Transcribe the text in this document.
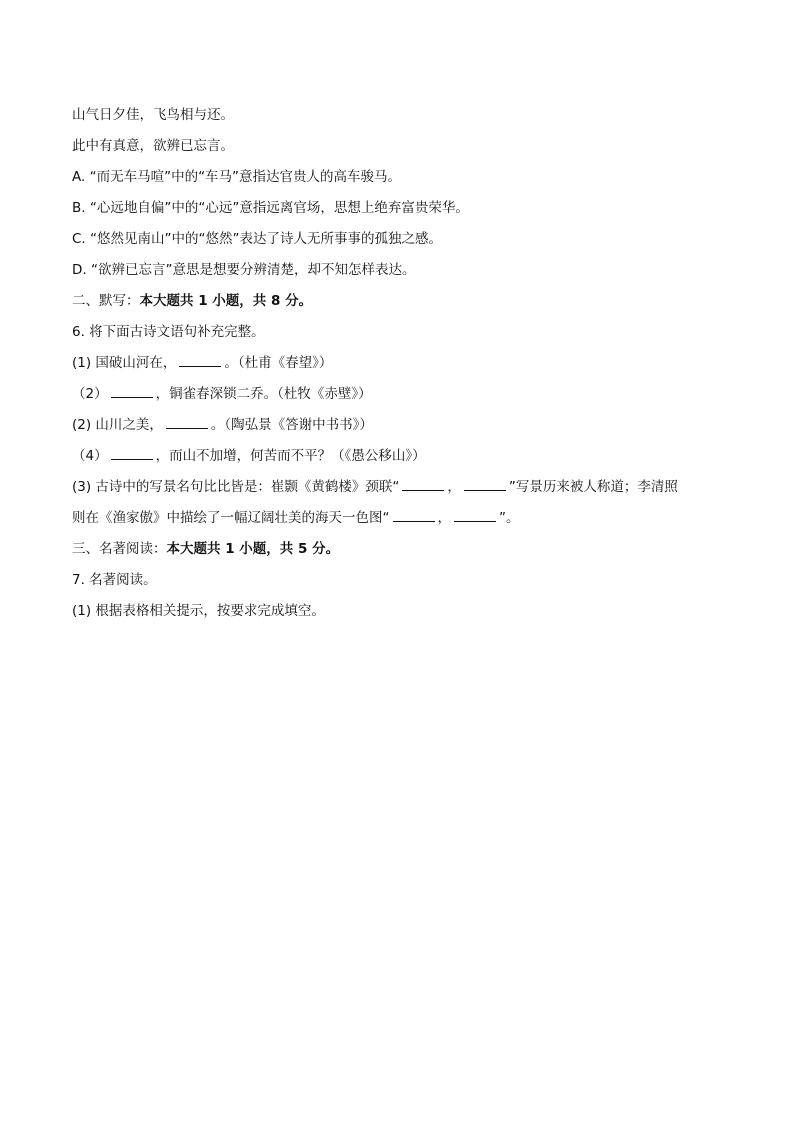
山气日夕佳，飞鸟相与还。
此中有真意，欲辨已忘言。
A. “而无车马喧”中的“车马”意指达官贵人的高车骏马。
B. “心远地自偏”中的“心远”意指远离官场，思想上绝弃富贵荣华。
C. “悠然见南山”中的“悠然”表达了诗人无所事事的孤独之感。
D. “欲辨已忘言”意思是想要分辨清楚，却不知怎样表达。
二、默写：本大题共 1 小题，共 8 分。
6. 将下面古诗文语句补充完整。
(1) 国破山河在，	。（杜甫《春望》）
（2）	，铜雀春深锁二乔。（杜牧《赤壁》）
(2) 山川之美，	。（陶弘景《答谢中书书》）
（4）	，而山不加增，何苦而不平？（《愚公移山》）
(3) 古诗中的写景名句比比皆是：崔颢《黄鹤楼》颈联“	，	”写景历来被人称道；李清照
则在《渔家傲》中描绘了一幅辽阔壮美的海天一色图“	，	”。
三、名著阅读：本大题共 1 小题，共 5 分。
7. 名著阅读。
(1) 根据表格相关提示，按要求完成填空。
